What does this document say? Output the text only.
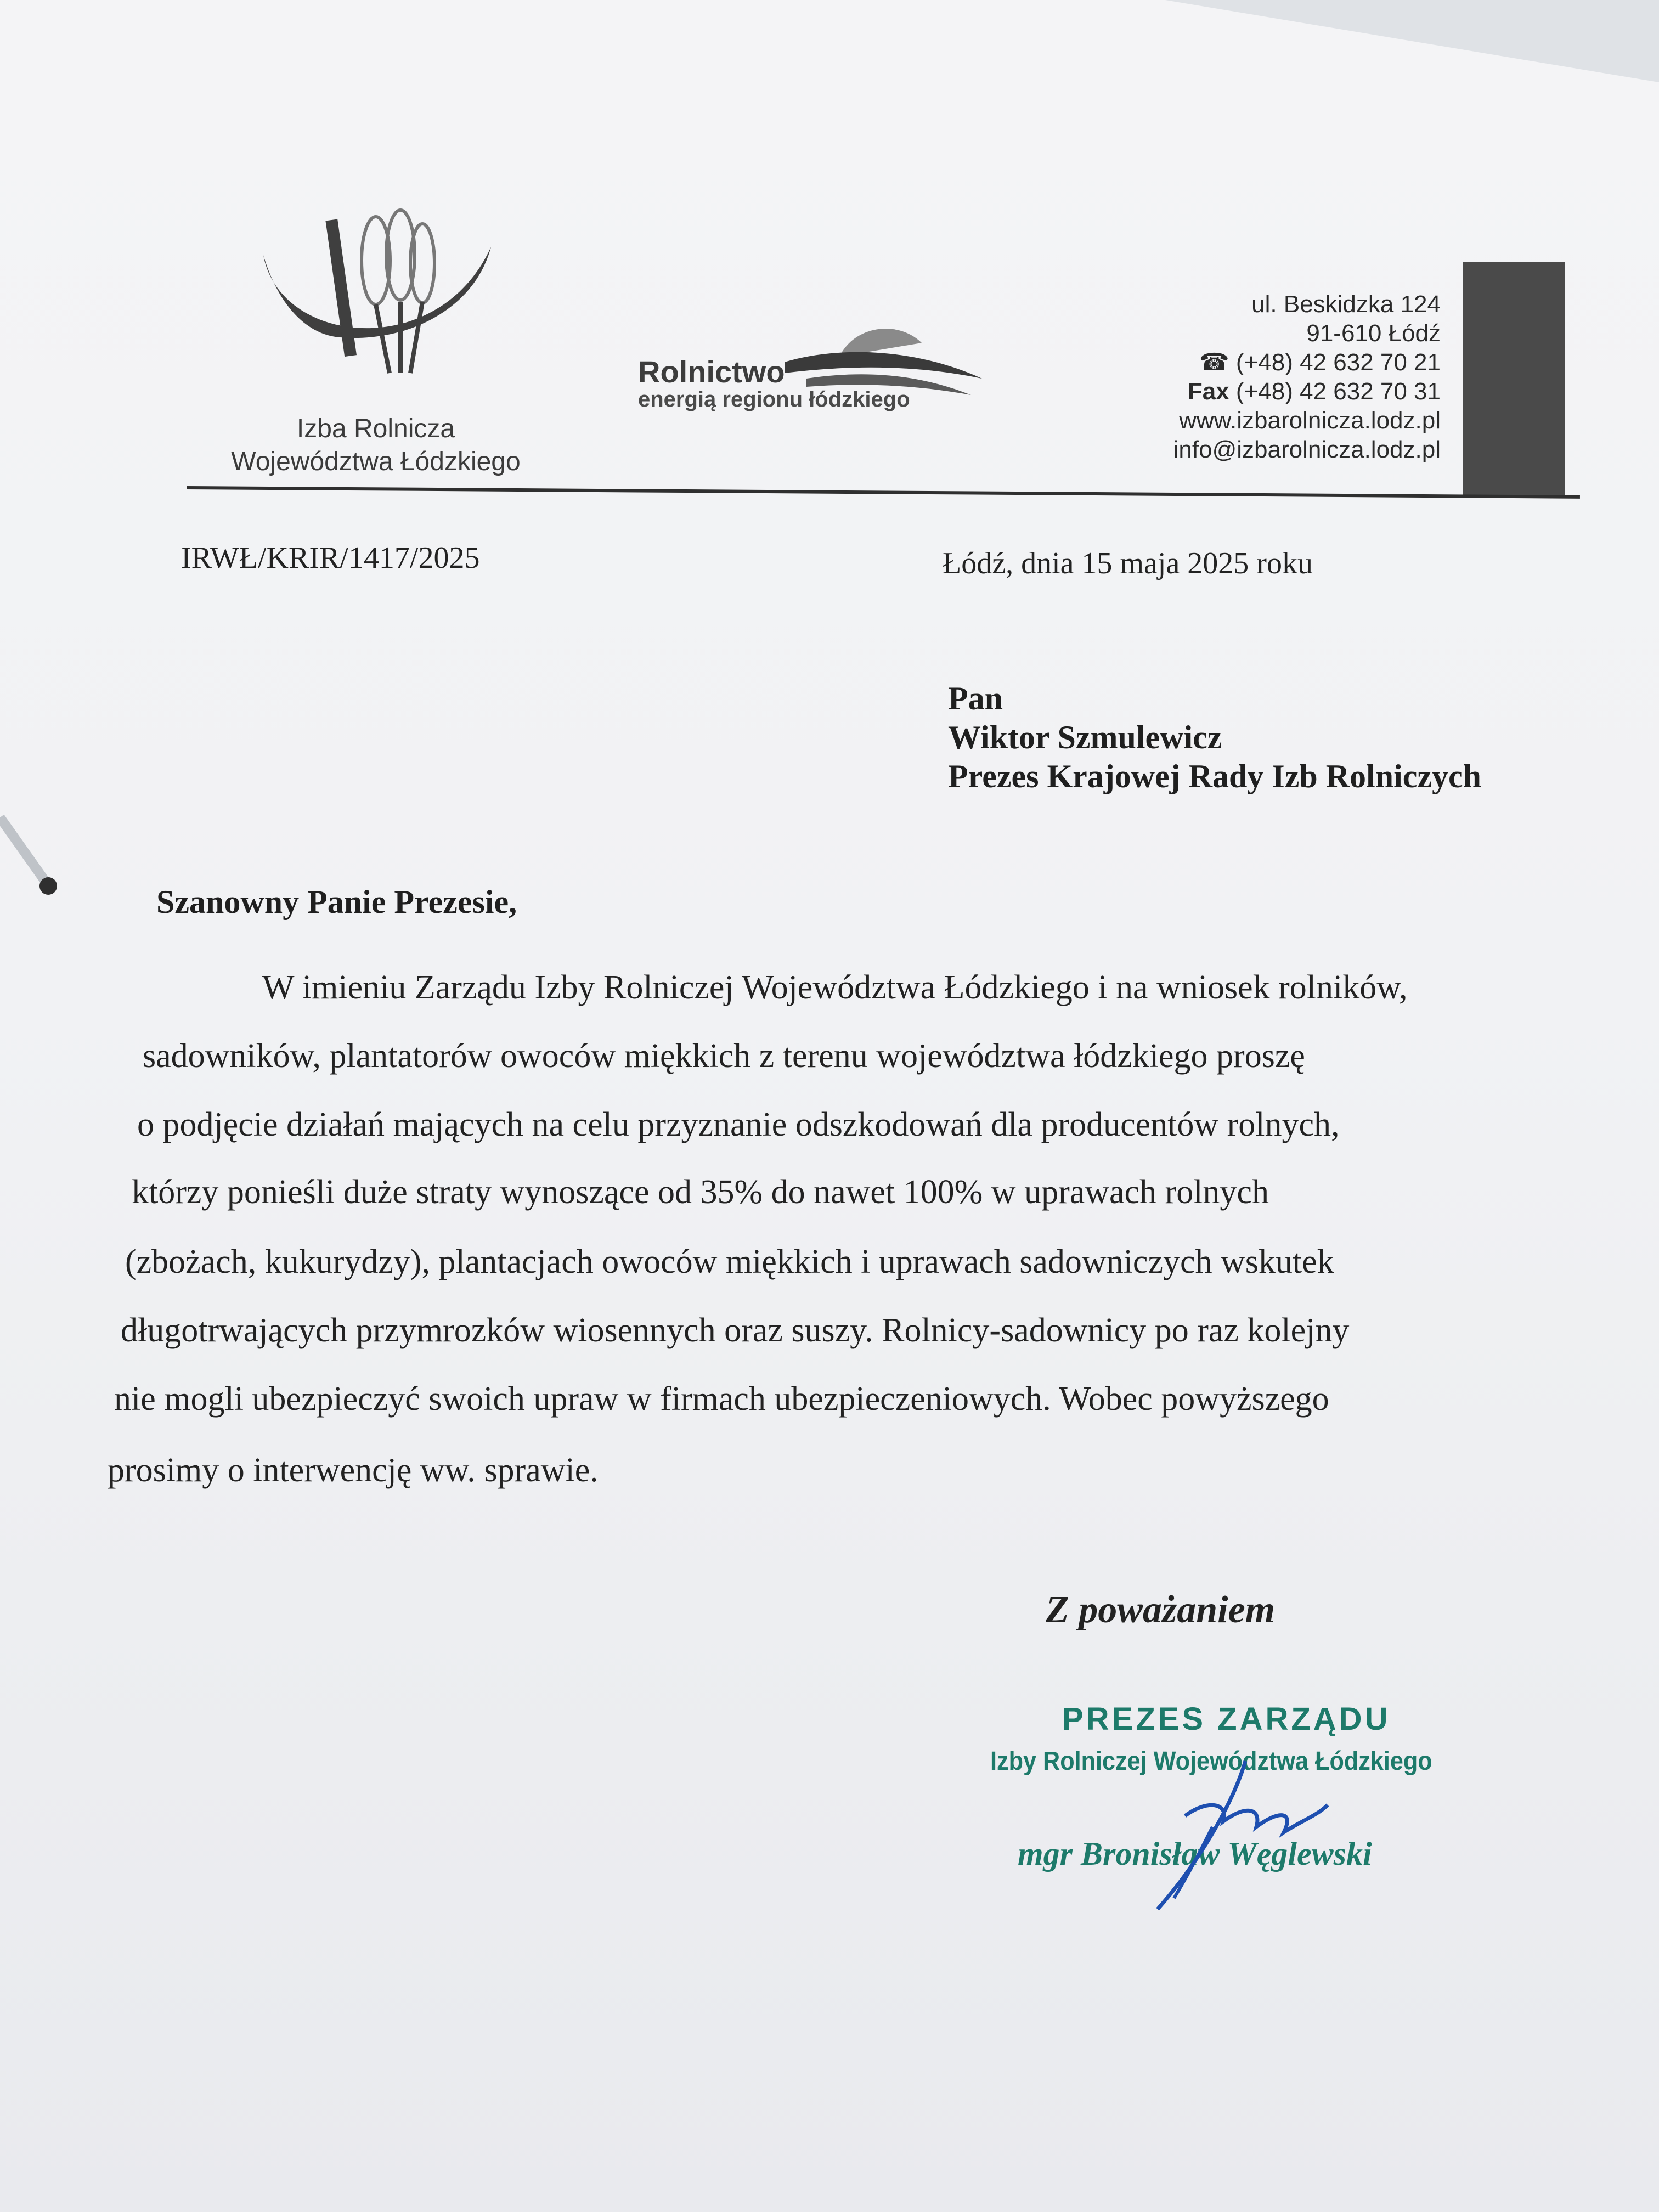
Izba Rolnicza
Województwa Łódzkiego
Rolnictwo
energią regionu łódzkiego
ul. Beskidzka 124
91-610 Łódź
☎ (+48) 42 632 70 21
Fax (+48) 42 632 70 31
www.izbarolnicza.lodz.pl
info@izbarolnicza.lodz.pl
IRWŁ/KRIR/1417/2025	Łódź, dnia 15 maja 2025 roku
Pan
Wiktor Szmulewicz
Prezes Krajowej Rady Izb Rolniczych
Szanowny Panie Prezesie,
W imieniu Zarządu Izby Rolniczej Województwa Łódzkiego i na wniosek rolników,
sadowników, plantatorów owoców miękkich z terenu województwa łódzkiego proszę
o podjęcie działań mających na celu przyznanie odszkodowań dla producentów rolnych,
którzy ponieśli duże straty wynoszące od 35% do nawet 100% w uprawach rolnych
(zbożach, kukurydzy), plantacjach owoców miękkich i uprawach sadowniczych wskutek
długotrwających przymrozków wiosennych oraz suszy. Rolnicy-sadownicy po raz kolejny
nie mogli ubezpieczyć swoich upraw w firmach ubezpieczeniowych. Wobec powyższego
prosimy o interwencję ww. sprawie.
Z poważaniem
PREZES ZARZĄDU
Izby Rolniczej Województwa Łódzkiego
mgr Bronisław Węglewski
